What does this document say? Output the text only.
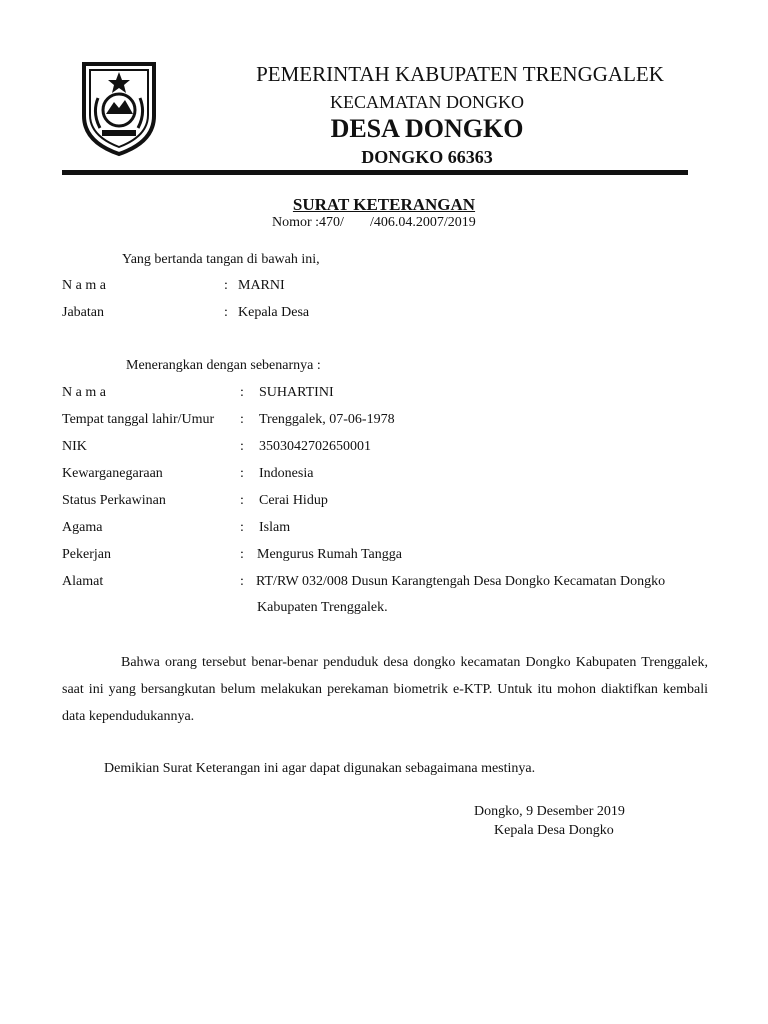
PEMERINTAH KABUPATEN TRENGGALEK
KECAMATAN DONGKO
DESA DONGKO
DONGKO 66363
SURAT KETERANGAN
Nomor :470/ /406.04.2007/2019
Yang bertanda tangan di bawah ini,
N a m a	: MARNI
Jabatan	: Kepala Desa
Menerangkan dengan sebenarnya :
N a m a	: SUHARTINI
Tempat tanggal lahir/Umur : Trenggalek, 07-06-1978
NIK	: 3503042702650001
Kewarganegaraan	: Indonesia
Status Perkawinan	: Cerai Hidup
Agama	: Islam
Pekerjan	: Mengurus Rumah Tangga
Alamat	: RT/RW 032/008 Dusun Karangtengah Desa Dongko Kecamatan Dongko
Kabupaten Trenggalek.
Bahwa orang tersebut benar-benar penduduk desa dongko kecamatan Dongko Kabupaten Trenggalek, saat ini yang bersangkutan belum melakukan perekaman biometrik e-KTP. Untuk itu mohon diaktifkan kembali data kependudukannya.
Demikian Surat Keterangan ini agar dapat digunakan sebagaimana mestinya.
Dongko, 9 Desember 2019
Kepala Desa Dongko
